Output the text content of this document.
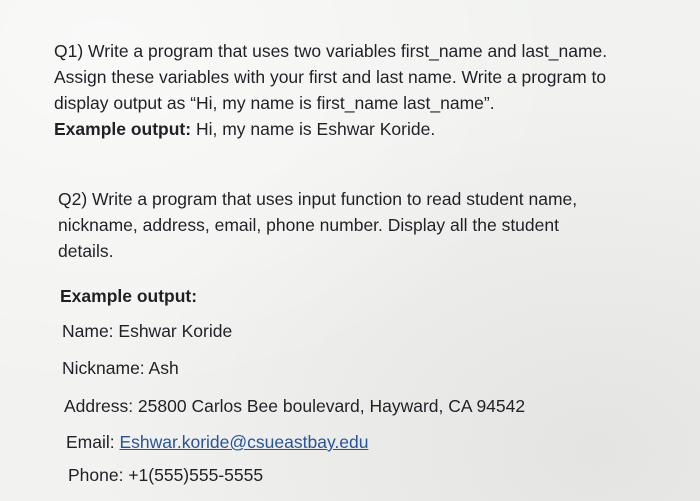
Q1) Write a program that uses two variables first_name and last_name.

Assign these variables with your first and last name. Write a program to

display output as “Hi, my name is first_name last_name”.

Example output: Hi, my name is Eshwar Koride.

Q2) Write a program that uses input function to read student name,

nickname, address, email, phone number. Display all the student

details.

Example output:
Name: Eshwar Koride
Nickname: Ash
Address: 25800 Carlos Bee boulevard, Hayward, CA 94542
Email: Eshwar.koride@csueastbay.edu
Phone: +1(555)555-5555
